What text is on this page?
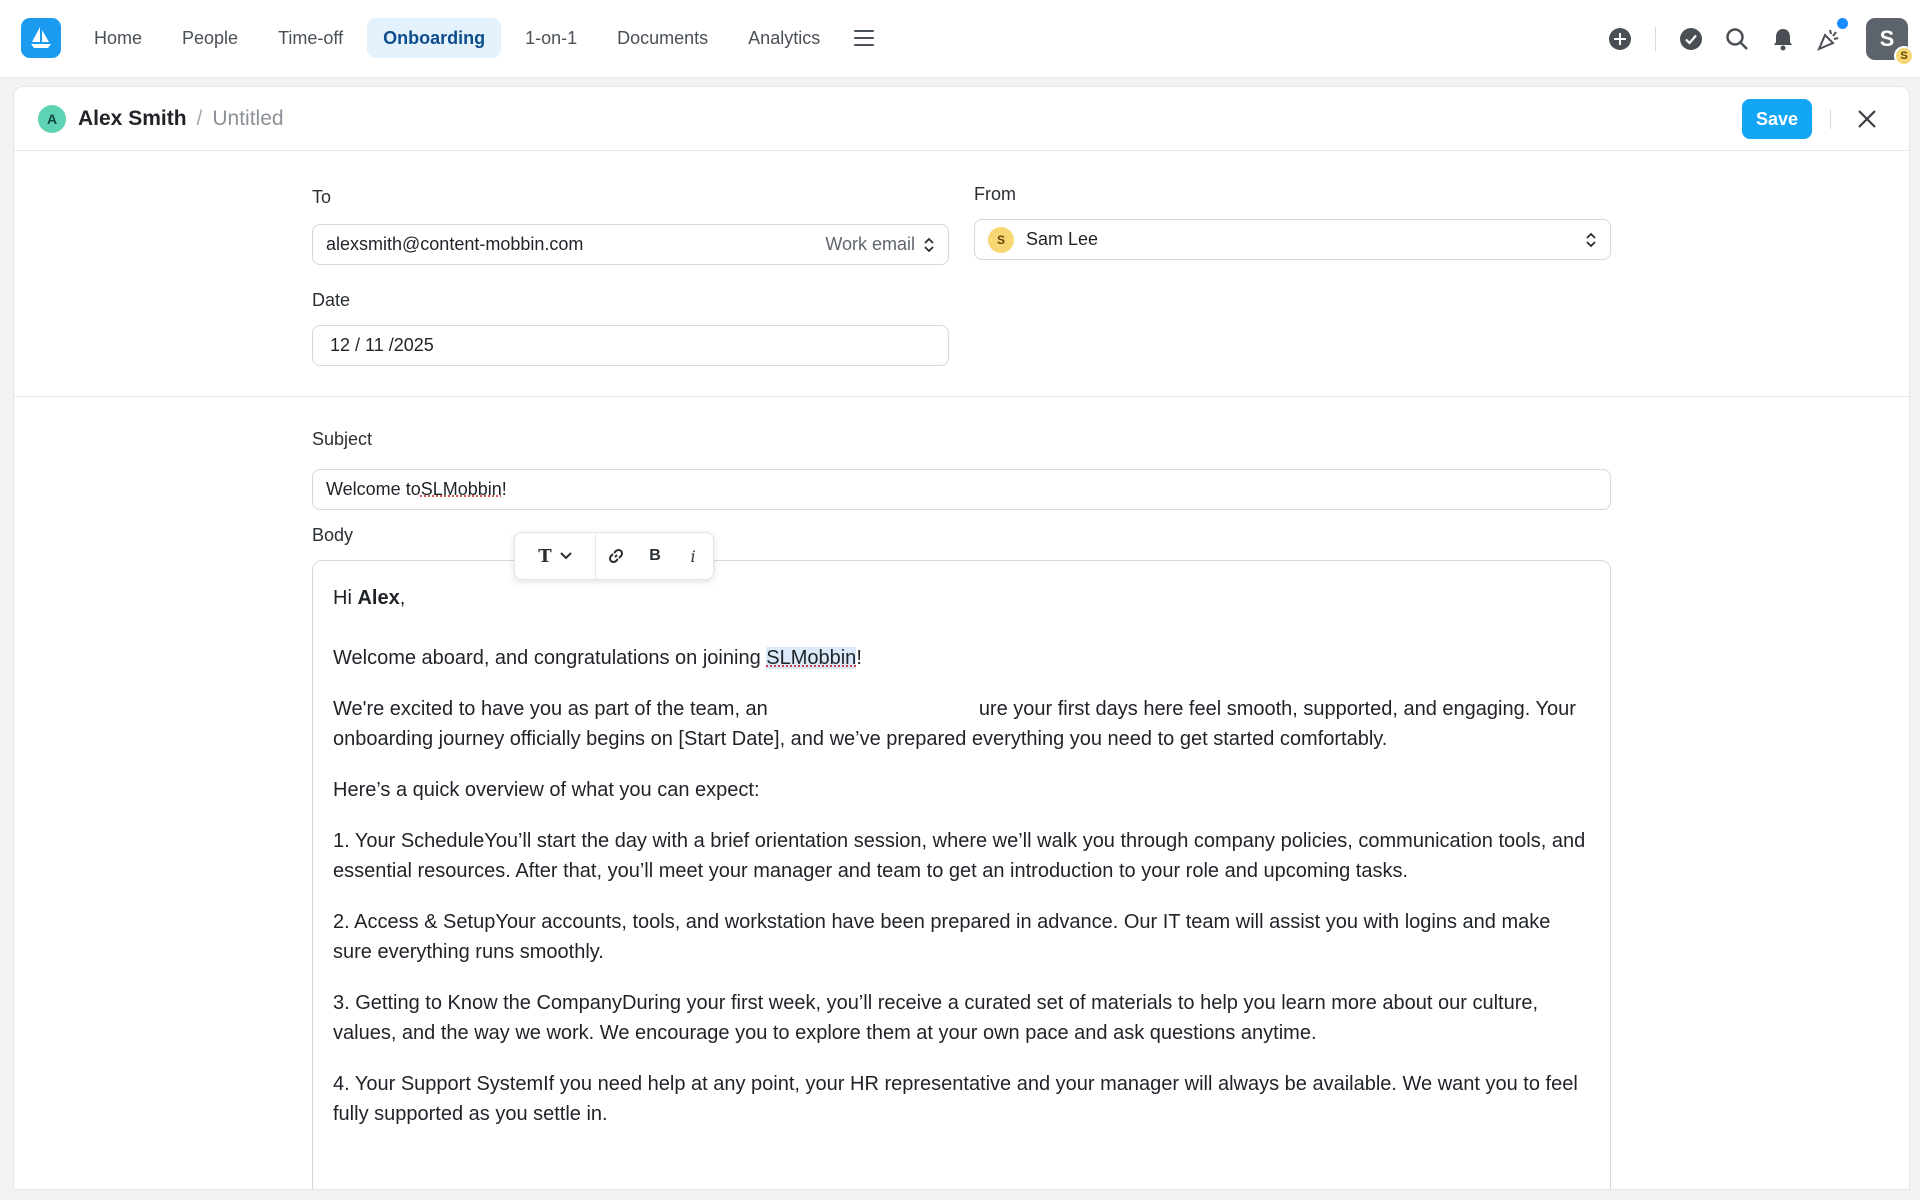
Home	People	Time-off	Onboarding	1-on-1	Documents	Analytics	S
S
A Alex Smith / Untitled	Save
To
alexsmith@content-mobbin.com	Work email
From
S	Sam Lee
Date
12 / 11 /2025
Subject
Welcome to SLMobbin !
Body

Hi Alex,

Welcome aboard, and congratulations on joining SLMobbin!

We're excited to have you as part of the team, an	ure your first days here feel smooth, supported, and engaging. Your onboarding journey officially begins on [Start Date], and we’ve prepared everything you need to get started comfortably.

Here’s a quick overview of what you can expect:

1. Your ScheduleYou’ll start the day with a brief orientation session, where we’ll walk you through company policies, communication tools, and essential resources. After that, you’ll meet your manager and team to get an introduction to your role and upcoming tasks.

2. Access & SetupYour accounts, tools, and workstation have been prepared in advance. Our IT team will assist you with logins and make sure everything runs smoothly.

3. Getting to Know the CompanyDuring your first week, you’ll receive a curated set of materials to help you learn more about our culture, values, and the way we work. We encourage you to explore them at your own pace and ask questions anytime.

4. Your Support SystemIf you need help at any point, your HR representative and your manager will always be available. We want you to feel fully supported as you settle in.

T	B	i
